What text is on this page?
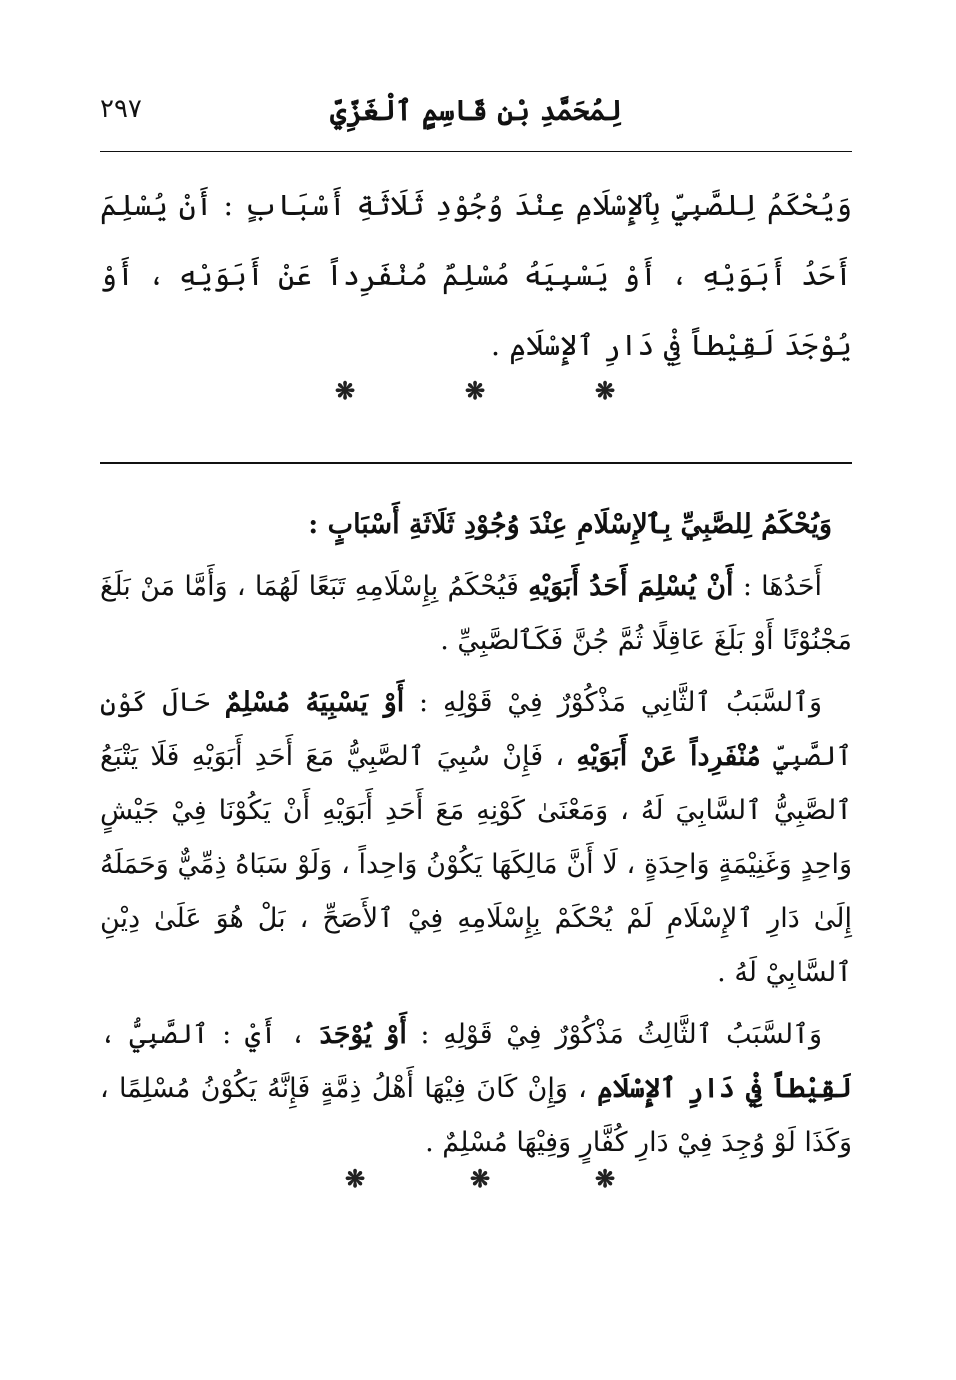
لِمُحَمَّدِ بْنِ قَاسِمٍ ٱلْغَزِّيِّ
٢٩٧
وَيُحْكَمُ لِلصَّبِيِّ بِٱلإِسْلَامِ عِنْدَ وُجُوْدِ ثَلَاثَةِ أَسْبَابٍ : أَنْ يُسْلِمَ أَحَدُ أَبَوَيْهِ ، أَوْ يَسْبِيَهُ مُسْلِمٌ مُنْفَرِداً عَنْ أَبَوَيْهِ ، أَوْ يُوْجَدَ لَقِيْطاً فِيْ دَارِ ٱلإِسْلَامِ .
❋
❋
❋

وَيُحْكَمُ لِلصَّبِيِّ بِٱلإِسْلَامِ عِنْدَ وُجُوْدِ ثَلَاثَةِ أَسْبَابٍ :

أَحَدُهَا : أَنْ يُسْلِمَ أَحَدُ أَبَوَيْهِ فَيُحْكَمُ بِإِسْلَامِهِ تَبَعًا لَهُمَا ، وَأَمَّا مَنْ بَلَغَ مَجْنُوْنًا أَوْ بَلَغَ عَاقِلًا ثُمَّ جُنَّ فَكَٱلصَّبِيِّ .

وَٱلسَّبَبُ ٱلثَّانِي مَذْكُوْرٌ فِيْ قَوْلِهِ : أَوْ يَسْبِيَهُ مُسْلِمٌ حَالَ كَوْنِ ٱلصَّبِيِّ مُنْفَرِداً عَنْ أَبَوَيْهِ ، فَإِنْ سُبِيَ ٱلصَّبِيُّ مَعَ أَحَدِ أَبَوَيْهِ فَلَا يَتْبَعُ ٱلصَّبِيُّ ٱلسَّابِيَ لَهُ ، وَمَعْنَىٰ كَوْنِهِ مَعَ أَحَدِ أَبَوَيْهِ أَنْ يَكُوْنَا فِيْ جَيْشٍ وَاحِدٍ وَغَنِيْمَةٍ وَاحِدَةٍ ، لَا أَنَّ مَالِكَهَا يَكُوْنُ وَاحِداً ، وَلَوْ سَبَاهُ ذِمِّيٌّ وَحَمَلَهُ إِلَىٰ دَارِ ٱلإِسْلَامِ لَمْ يُحْكَمْ بِإِسْلَامِهِ فِيْ ٱلأَصَحِّ ، بَلْ هُوَ عَلَىٰ دِيْنِ ٱلسَّابِيْ لَهُ .

وَٱلسَّبَبُ ٱلثَّالِثُ مَذْكُوْرٌ فِيْ قَوْلِهِ : أَوْ يُوْجَدَ ، أَيْ : ٱلصَّبِيُّ ، لَقِيْطاً فِيْ دَارِ ٱلإِسْلَامِ ، وَإِنْ كَانَ فِيْهَا أَهْلُ ذِمَّةٍ فَإِنَّهُ يَكُوْنُ مُسْلِمًا ، وَكَذَا لَوْ وُجِدَ فِيْ دَارِ كُفَّارٍ وَفِيْهَا مُسْلِمٌ .

❋
❋
❋
